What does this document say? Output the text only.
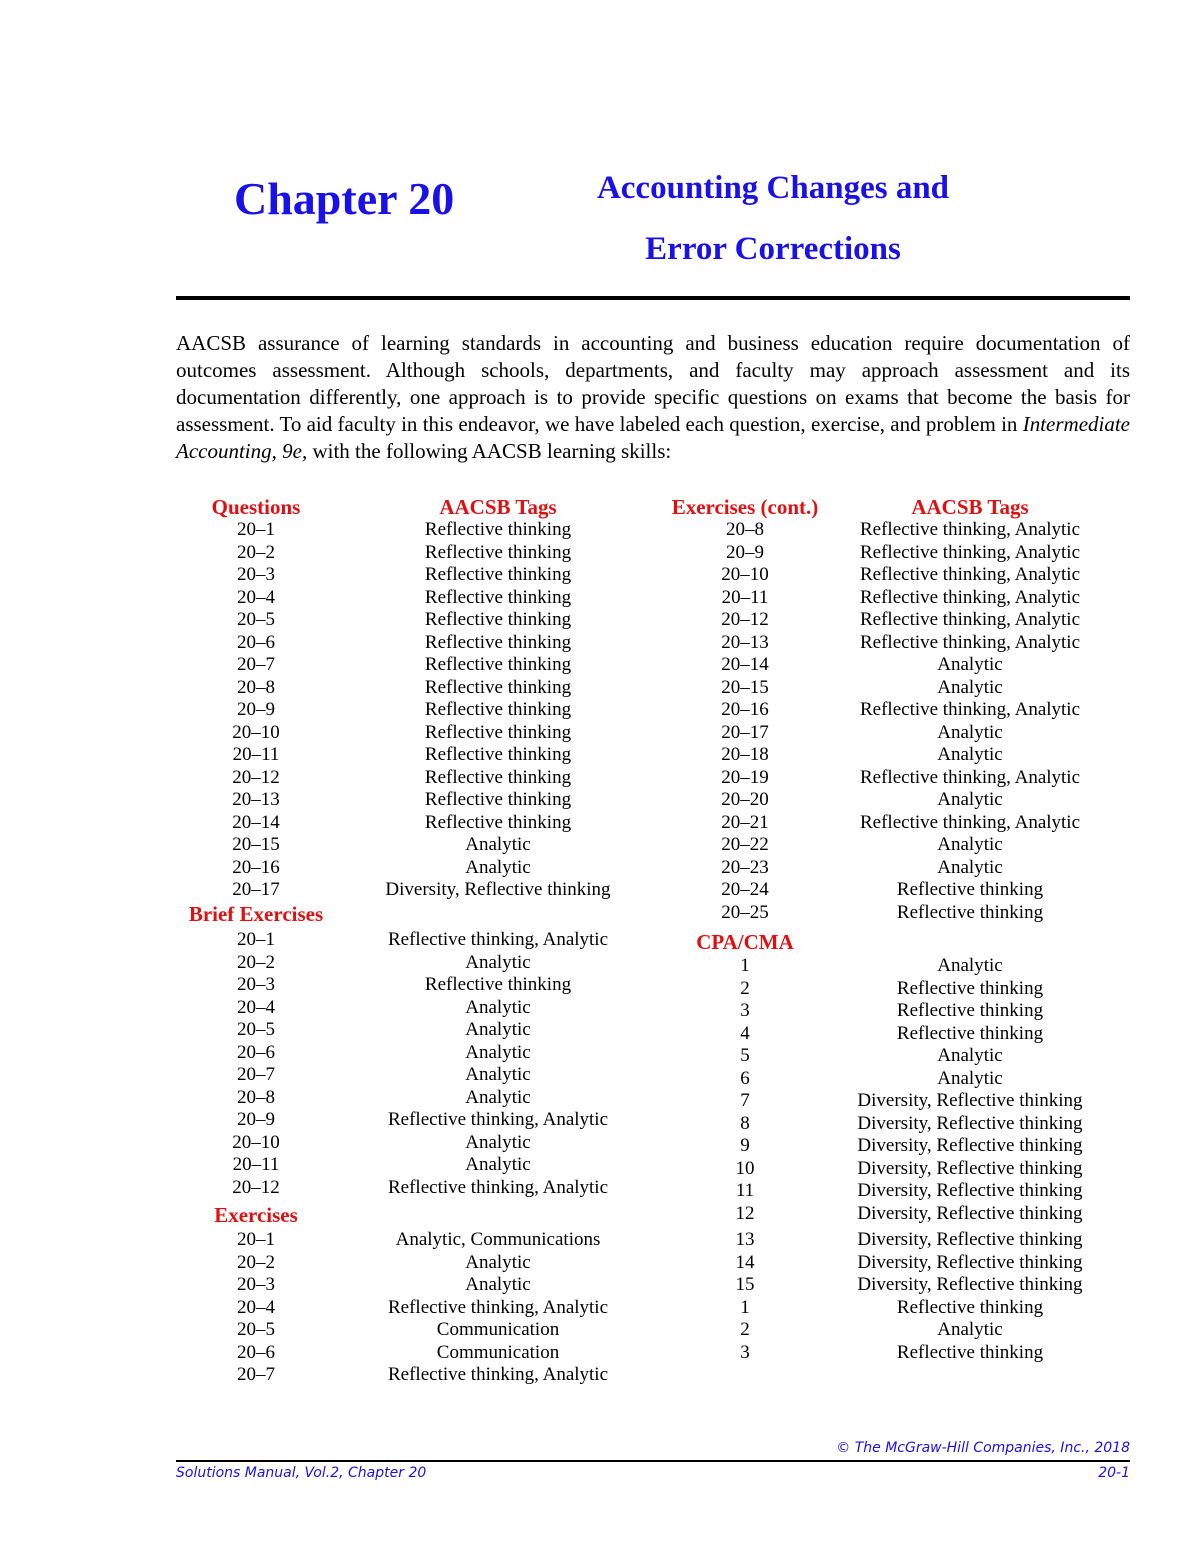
Chapter 20	Accounting Changes and
Error Corrections

AACSB assurance of learning standards in accounting and business education require documentation of outcomes assessment. Although schools, departments, and faculty may approach assessment and its documentation differently, one approach is to provide specific questions on exams that become the basis for assessment. To aid faculty in this endeavor, we have labeled each question, exercise, and problem in Intermediate Accounting, 9e, with the following AACSB learning skills:

Questions	AACSB Tags
20–1	Reflective thinking
20–2	Reflective thinking
20–3	Reflective thinking
20–4	Reflective thinking
20–5	Reflective thinking
20–6	Reflective thinking
20–7	Reflective thinking
20–8	Reflective thinking
20–9	Reflective thinking
20–10	Reflective thinking
20–11	Reflective thinking
20–12	Reflective thinking
20–13	Reflective thinking
20–14	Reflective thinking
20–15	Analytic
20–16	Analytic
20–17	Diversity, Reflective thinking
Brief Exercises
20–1	Reflective thinking, Analytic
20–2	Analytic
20–3	Reflective thinking
20–4	Analytic
20–5	Analytic
20–6	Analytic
20–7	Analytic
20–8	Analytic
20–9	Reflective thinking, Analytic
20–10	Analytic
20–11	Analytic
20–12	Reflective thinking, Analytic
Exercises
20–1	Analytic, Communications
20–2	Analytic
20–3	Analytic
20–4	Reflective thinking, Analytic
20–5	Communication
20–6	Communication
20–7	Reflective thinking, Analytic
Exercises (cont.)	AACSB Tags
20–8	Reflective thinking, Analytic
20–9	Reflective thinking, Analytic
20–10	Reflective thinking, Analytic
20–11	Reflective thinking, Analytic
20–12	Reflective thinking, Analytic
20–13	Reflective thinking, Analytic
20–14	Analytic
20–15	Analytic
20–16	Reflective thinking, Analytic
20–17	Analytic
20–18	Analytic
20–19	Reflective thinking, Analytic
20–20	Analytic
20–21	Reflective thinking, Analytic
20–22	Analytic
20–23	Analytic
20–24	Reflective thinking
20–25	Reflective thinking
CPA/CMA
1	Analytic
2	Reflective thinking
3	Reflective thinking
4	Reflective thinking
5	Analytic
6	Analytic
7	Diversity, Reflective thinking
8	Diversity, Reflective thinking
9	Diversity, Reflective thinking
10	Diversity, Reflective thinking
11	Diversity, Reflective thinking
12	Diversity, Reflective thinking
13	Diversity, Reflective thinking
14	Diversity, Reflective thinking
15	Diversity, Reflective thinking
1	Reflective thinking
2	Analytic
3	Reflective thinking
© The McGraw-Hill Companies, Inc., 2018
Solutions Manual, Vol.2, Chapter 20	20-1
